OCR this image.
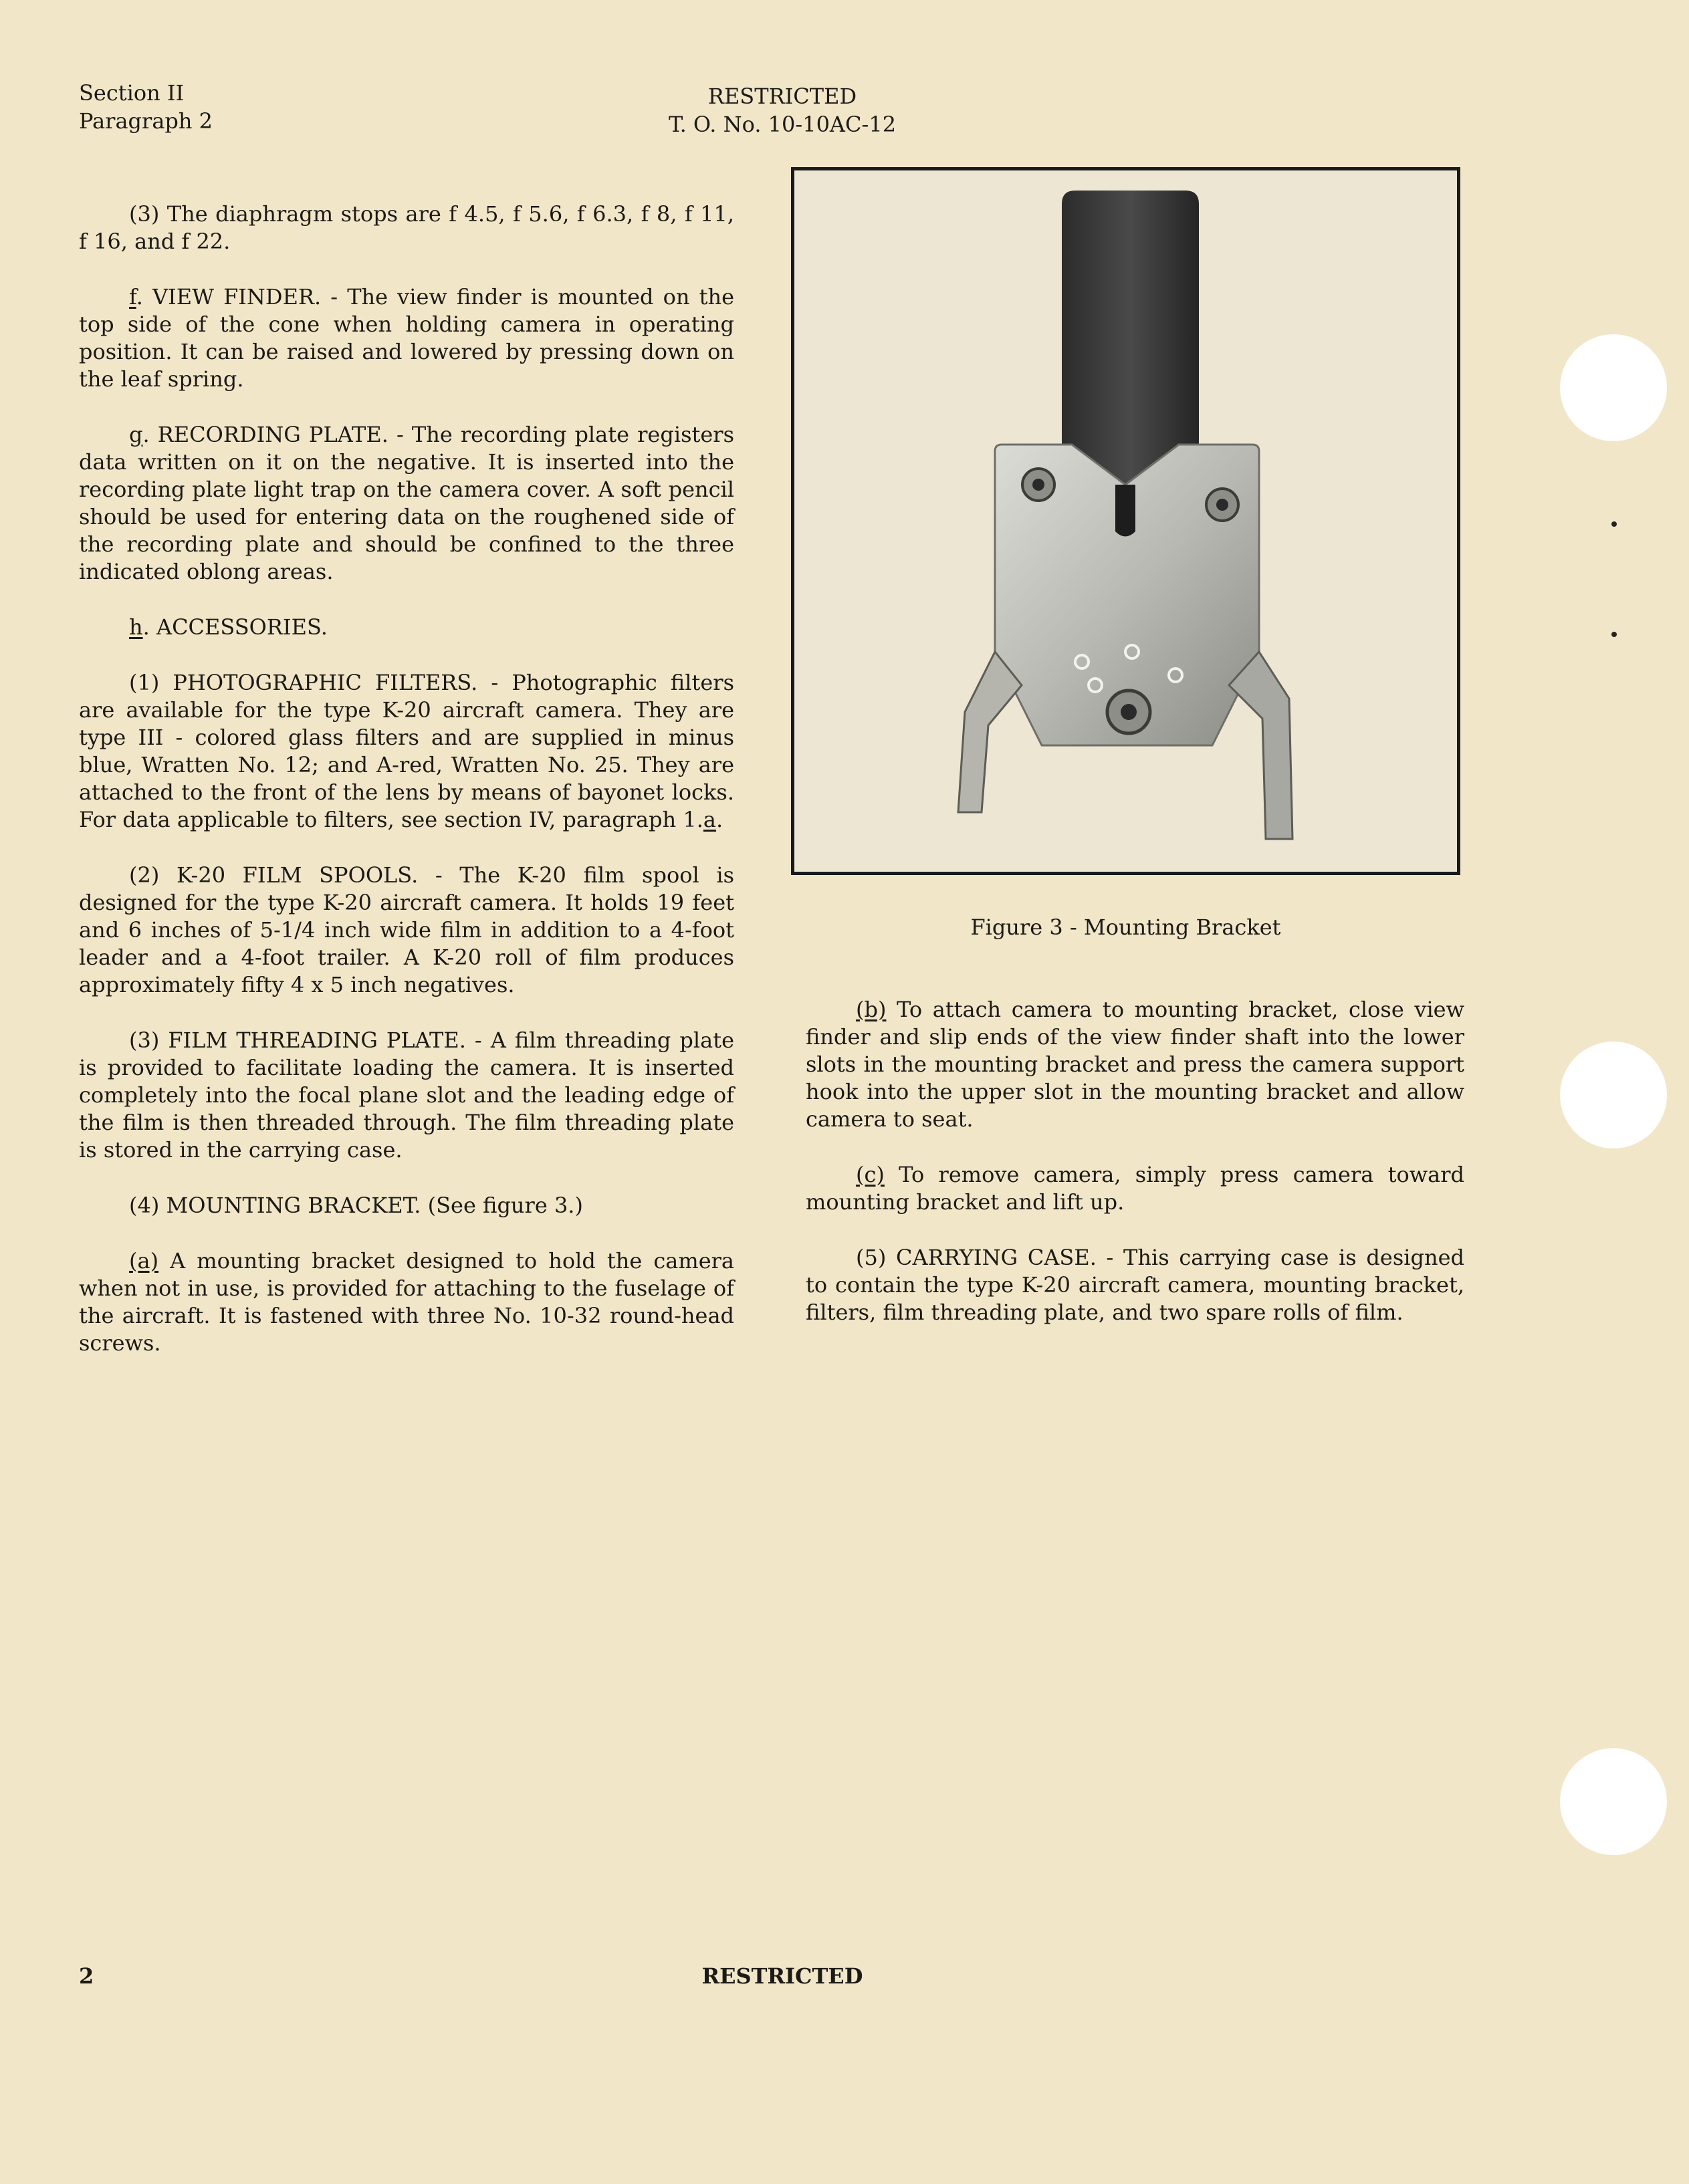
Section II
Paragraph 2
RESTRICTED
T. O. No. 10-10AC-12

(3) The diaphragm stops are f 4.5, f 5.6, f 6.3, f 8, f 11, f 16, and f 22.

f. VIEW FINDER. - The view finder is mounted on the top side of the cone when holding camera in operating position. It can be raised and lowered by pressing down on the leaf spring.

g. RECORDING PLATE. - The recording plate registers data written on it on the negative. It is inserted into the recording plate light trap on the camera cover. A soft pencil should be used for entering data on the roughened side of the recording plate and should be confined to the three indicated oblong areas.

h. ACCESSORIES.

(1) PHOTOGRAPHIC FILTERS. - Photographic filters are available for the type K-20 aircraft camera. They are type III - colored glass filters and are supplied in minus blue, Wratten No. 12; and A-red, Wratten No. 25. They are attached to the front of the lens by means of bayonet locks. For data applicable to filters, see section IV, paragraph 1.a.

(2) K-20 FILM SPOOLS. - The K-20 film spool is designed for the type K-20 aircraft camera. It holds 19 feet and 6 inches of 5-1/4 inch wide film in addition to a 4-foot leader and a 4-foot trailer. A K-20 roll of film produces approximately fifty 4 x 5 inch negatives.

(3) FILM THREADING PLATE. - A film threading plate is provided to facilitate loading the camera. It is inserted completely into the focal plane slot and the leading edge of the film is then threaded through. The film threading plate is stored in the carrying case.

(4) MOUNTING BRACKET. (See figure 3.)

(a) A mounting bracket designed to hold the camera when not in use, is provided for attaching to the fuselage of the aircraft. It is fastened with three No. 10-32 round-head screws.

Figure 3 - Mounting Bracket

(b) To attach camera to mounting bracket, close view finder and slip ends of the view finder shaft into the lower slots in the mounting bracket and press the camera support hook into the upper slot in the mounting bracket and allow camera to seat.

(c) To remove camera, simply press camera toward mounting bracket and lift up.

(5) CARRYING CASE. - This carrying case is designed to contain the type K-20 aircraft camera, mounting bracket, filters, film threading plate, and two spare rolls of film.

2	RESTRICTED
